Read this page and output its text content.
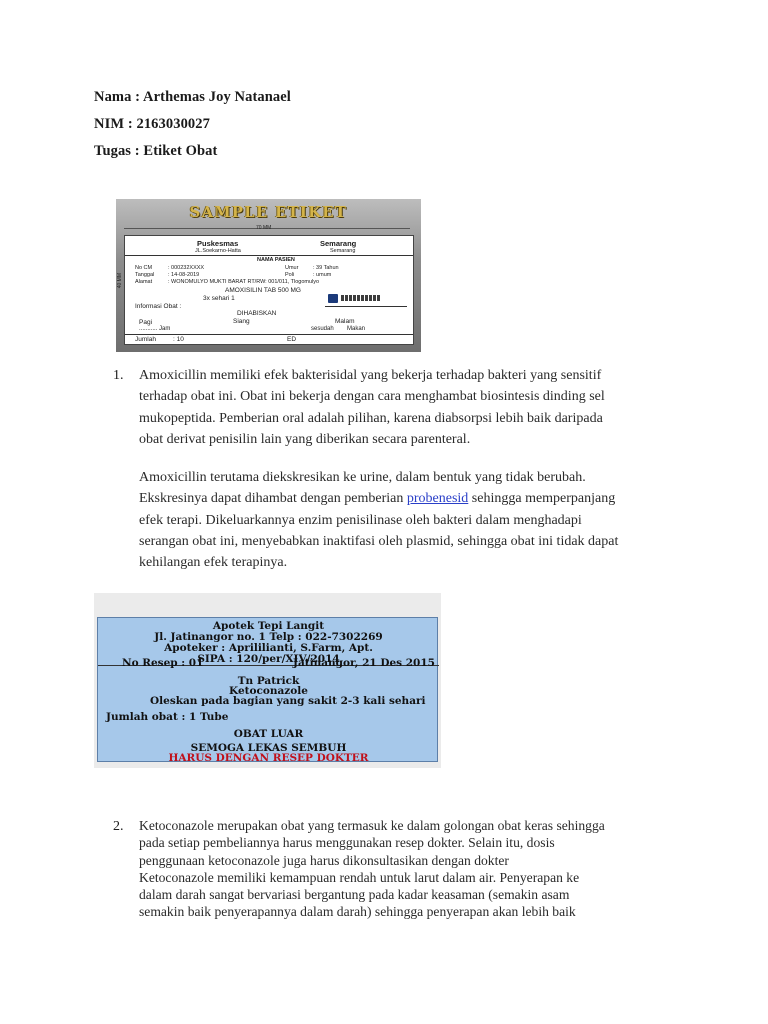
Nama : Arthemas Joy Natanael
NIM : 2163030027
Tugas : Etiket Obat
SAMPLE ETIKET
70 MM
40 MM
Puskesmas	Semarang
JL.Soekarno-Hatta	Semarang
NAMA PASIEN
No CM	: 000232XXXX	Umur	: 39 Tahun
Tanggal : 14-08-2019	Poli	: umum
Alamat	: WONOMULYO MUKTI BARAT RT/RW: 001/011, Tlogomulyo
AMOXISILIN TAB 500 MG
3x sehari 1
Informasi Obat :
DIHABISKAN
Pagi	Siang	Malam
........... Jam	sesudah Makan
Jumlah	: 10	ED
1. Amoxicillin memiliki efek bakterisidal yang bekerja terhadap bakteri yang sensitif
terhadap obat ini. Obat ini bekerja dengan cara menghambat biosintesis dinding sel
mukopeptida. Pemberian oral adalah pilihan, karena diabsorpsi lebih baik daripada
obat derivat penisilin lain yang diberikan secara parenteral.
Amoxicillin terutama diekskresikan ke urine, dalam bentuk yang tidak berubah.
Ekskresinya dapat dihambat dengan pemberian probenesid sehingga memperpanjang
efek terapi. Dikeluarkannya enzim penisilinase oleh bakteri dalam menghadapi
serangan obat ini, menyebabkan inaktifasi oleh plasmid, sehingga obat ini tidak dapat
kehilangan efek terapinya.
Apotek Tepi Langit
Jl. Jatinangor no. 1 Telp : 022-7302269
Apoteker : Aprililianti, S.Farm, Apt.
SIPA : 120/per/XIV/2014
No Resep : 01	Jatinangor, 21 Des 2015
Tn Patrick
Ketoconazole
Oleskan pada bagian yang sakit 2-3 kali sehari
Jumlah obat : 1 Tube
OBAT LUAR
SEMOGA LEKAS SEMBUH
HARUS DENGAN RESEP DOKTER
2. Ketoconazole merupakan obat yang termasuk ke dalam golongan obat keras sehingga
pada setiap pembeliannya harus menggunakan resep dokter. Selain itu, dosis
penggunaan ketoconazole juga harus dikonsultasikan dengan dokter
Ketoconazole memiliki kemampuan rendah untuk larut dalam air. Penyerapan ke
dalam darah sangat bervariasi bergantung pada kadar keasaman (semakin asam
semakin baik penyerapannya dalam darah) sehingga penyerapan akan lebih baik
